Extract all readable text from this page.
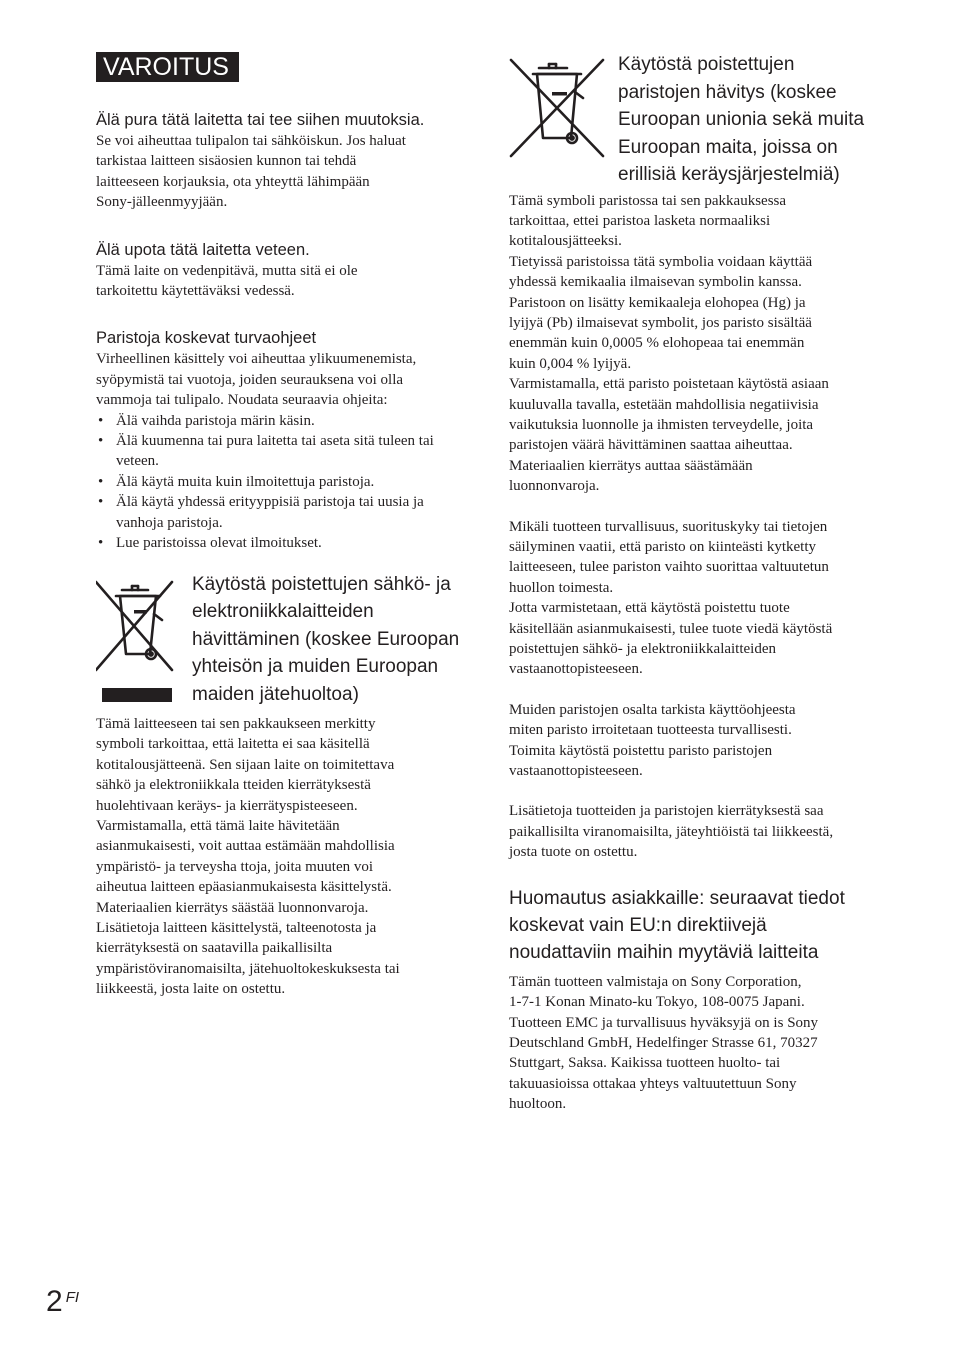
VAROITUS
Älä pura tätä laitetta tai tee siihen muutoksia.

Se voi aiheuttaa tulipalon tai sähköiskun. Jos haluat
tarkistaa laitteen sisäosien kunnon tai tehdä
laitteeseen korjauksia, ota yhteyttä lähimpään
Sony-jälleenmyyjään.

Älä upota tätä laitetta veteen.

Tämä laite on vedenpitävä, mutta sitä ei ole
tarkoitettu käytettäväksi vedessä.

Paristoja koskevat turvaohjeet

Virheellinen käsittely voi aiheuttaa ylikuumenemista,
syöpymistä tai vuotoja, joiden seurauksena voi olla
vammoja tai tulipalo. Noudata seuraavia ohjeita:

• Älä vaihda paristoja märin käsin.
• Älä kuumenna tai pura laitetta tai aseta sitä tuleen tai veteen.
• Älä käytä muita kuin ilmoitettuja paristoja.
• Älä käytä yhdessä erityyppisiä paristoja tai uusia ja vanhoja paristoja.
• Lue paristoissa olevat ilmoitukset.
Käytöstä poistettujen sähkö- ja
elektroniikkalaitteiden
hävittäminen (koskee Euroopan
yhteisön ja muiden Euroopan
maiden jätehuoltoa)

Tämä laitteeseen tai sen pakkaukseen merkitty
symboli tarkoittaa, että laitetta ei saa käsitellä
kotitalousjätteenä. Sen sijaan laite on toimitettava
sähkö ja elektroniikkala tteiden kierrätyksestä
huolehtivaan keräys- ja kierrätyspisteeseen.
Varmistamalla, että tämä laite hävitetään
asianmukaisesti, voit auttaa estämään mahdollisia
ympäristö- ja terveysha ttoja, joita muuten voi
aiheutua laitteen epäasianmukaisesta käsittelystä.
Materiaalien kierrätys säästää luonnonvaroja.
Lisätietoja laitteen käsittelystä, talteenotosta ja
kierrätyksestä on saatavilla paikallisilta
ympäristöviranomaisilta, jätehuoltokeskuksesta tai
liikkeestä, josta laite on ostettu.

Käytöstä poistettujen
paristojen hävitys (koskee
Euroopan unionia sekä muita
Euroopan maita, joissa on
erillisiä keräysjärjestelmiä)

Tämä symboli paristossa tai sen pakkauksessa
tarkoittaa, ettei paristoa lasketa normaaliksi
kotitalousjätteeksi.
Tietyissä paristoissa tätä symbolia voidaan käyttää
yhdessä kemikaalia ilmaisevan symbolin kanssa.
Paristoon on lisätty kemikaaleja elohopea (Hg) ja
lyijyä (Pb) ilmaisevat symbolit, jos paristo sisältää
enemmän kuin 0,0005 % elohopeaa tai enemmän
kuin 0,004 % lyijyä.
Varmistamalla, että paristo poistetaan käytöstä asiaan
kuuluvalla tavalla, estetään mahdollisia negatiivisia
vaikutuksia luonnolle ja ihmisten terveydelle, joita
paristojen väärä hävittäminen saattaa aiheuttaa.
Materiaalien kierrätys auttaa säästämään
luonnonvaroja.

Mikäli tuotteen turvallisuus, suorituskyky tai tietojen
säilyminen vaatii, että paristo on kiinteästi kytketty
laitteeseen, tulee pariston vaihto suorittaa valtuutetun
huollon toimesta.
Jotta varmistetaan, että käytöstä poistettu tuote
käsitellään asianmukaisesti, tulee tuote viedä käytöstä
poistettujen sähkö- ja elektroniikkalaitteiden
vastaanottopisteeseen.

Muiden paristojen osalta tarkista käyttöohjeesta
miten paristo irroitetaan tuotteesta turvallisesti.
Toimita käytöstä poistettu paristo paristojen
vastaanottopisteeseen.

Lisätietoja tuotteiden ja paristojen kierrätyksestä saa
paikallisilta viranomaisilta, jäteyhtiöistä tai liikkeestä,
josta tuote on ostettu.

Huomautus asiakkaille: seuraavat tiedot
koskevat vain EU:n direktiivejä
noudattaviin maihin myytäviä laitteita

Tämän tuotteen valmistaja on Sony Corporation,
1-7-1 Konan Minato-ku Tokyo, 108-0075 Japani.
Tuotteen EMC ja turvallisuus hyväksyjä on is Sony
Deutschland GmbH, Hedelfinger Strasse 61, 70327
Stuttgart, Saksa. Kaikissa tuotteen huolto- tai
takuuasioissa ottakaa yhteys valtuutettuun Sony
huoltoon.

2 FI
